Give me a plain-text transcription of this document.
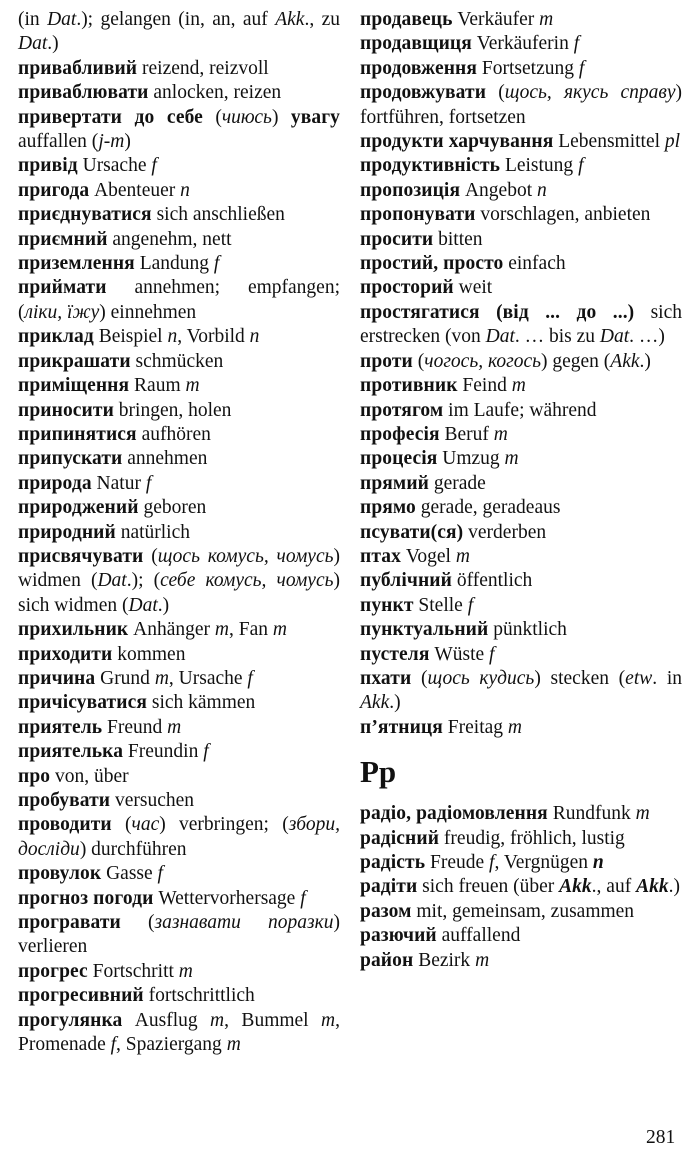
(in Dat.); gelangen (in, an, auf Akk., zu Dat.)
привабливий reizend, reizvoll
приваблювати anlocken, reizen
привертати до себе (чиюсь) увагу auffallen (j-m)
привід Ursache f
пригода Abenteuer n
приєднуватися sich anschließen
приємний angenehm, nett
приземлення Landung f
приймати annehmen; empfangen; (ліки, їжу) einnehmen
приклад Beispiel n, Vorbild n
прикрашати schmücken
приміщення Raum m
приносити bringen, holen
припинятися aufhören
припускати annehmen
природа Natur f
природжений geboren
природний natürlich
присвячувати (щось комусь, чомусь) widmen (Dat.); (себе комусь, чомусь) sich widmen (Dat.)
прихильник Anhänger m, Fan m
приходити kommen
причина Grund m, Ursache f
причісуватися sich kämmen
приятель Freund m
приятелька Freundin f
про von, über
пробувати versuchen
проводити (час) verbringen; (збори, досліди) durchführen
провулок Gasse f
прогноз погоди Wettervorhersage f
програвати (зазнавати поразки) verlieren
прогрес Fortschritt m
прогресивний fortschrittlich
прогулянка Ausflug m, Bummel m, Promenade f, Spaziergang m
продавець Verkäufer m
продавщиця Verkäuferin f
продовження Fortsetzung f
продовжувати (щось, якусь справу) fortführen, fortsetzen
продукти харчування Lebensmittel pl
продуктивність Leistung f
пропозиція Angebot n
пропонувати vorschlagen, anbieten
просити bitten
простий, просто einfach
просторий weit
простягатися (від ... до ...) sich erstrecken (von Dat. … bis zu Dat. …)
проти (чогось, когось) gegen (Akk.)
противник Feind m
протягом im Laufe; während
професія Beruf m
процесія Umzug m
прямий gerade
прямо gerade, geradeaus
псувати(ся) verderben
птах Vogel m
публічний öffentlich
пункт Stelle f
пунктуальний pünktlich
пустеля Wüste f
пхати (щось кудись) stecken (etw. in Akk.)
п’ятниця Freitag m
Pp
радіо, радіомовлення Rundfunk m
радісний freudig, fröhlich, lustig
радість Freude f, Vergnügen n
радіти sich freuen (über Akk., auf Akk.)
разом mit, gemeinsam, zusammen
разючий auffallend
район Bezirk m
281
